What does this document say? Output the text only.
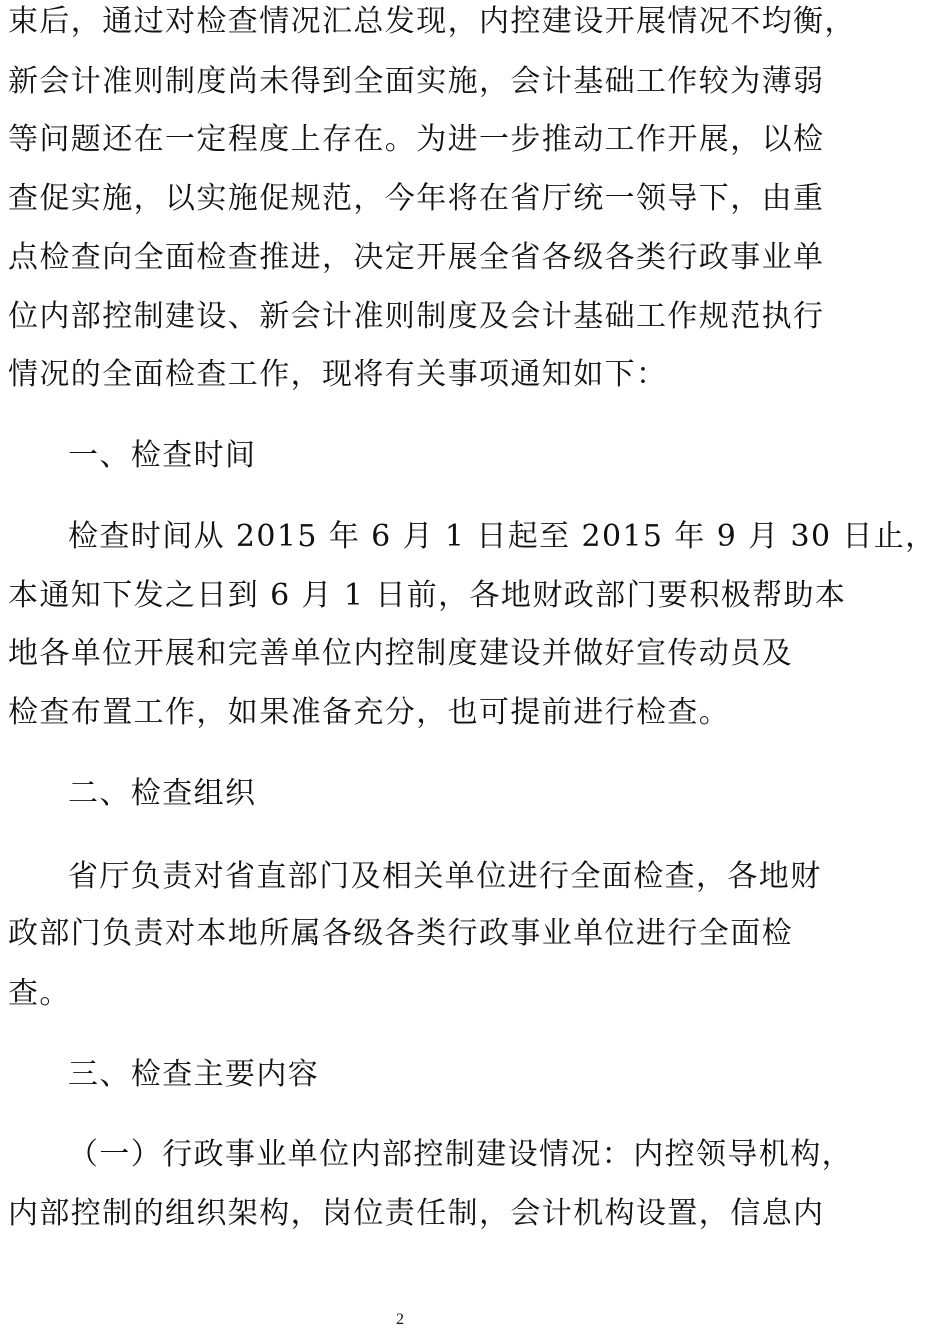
束后，通过对检查情况汇总发现，内控建设开展情况不均衡，
新会计准则制度尚未得到全面实施，会计基础工作较为薄弱
等问题还在一定程度上存在。为进一步推动工作开展，以检
查促实施，以实施促规范，今年将在省厅统一领导下，由重
点检查向全面检查推进，决定开展全省各级各类行政事业单
位内部控制建设、新会计准则制度及会计基础工作规范执行
情况的全面检查工作，现将有关事项通知如下：
一、检查时间
检查时间从 2015 年 6 月 1 日起至 2015 年 9 月 30 日止，
本通知下发之日到 6 月 1 日前，各地财政部门要积极帮助本
地各单位开展和完善单位内控制度建设并做好宣传动员及
检查布置工作，如果准备充分，也可提前进行检查。
二、检查组织
省厅负责对省直部门及相关单位进行全面检查，各地财
政部门负责对本地所属各级各类行政事业单位进行全面检
查。
三、检查主要内容
（一）行政事业单位内部控制建设情况：内控领导机构，
内部控制的组织架构，岗位责任制，会计机构设置，信息内
2
